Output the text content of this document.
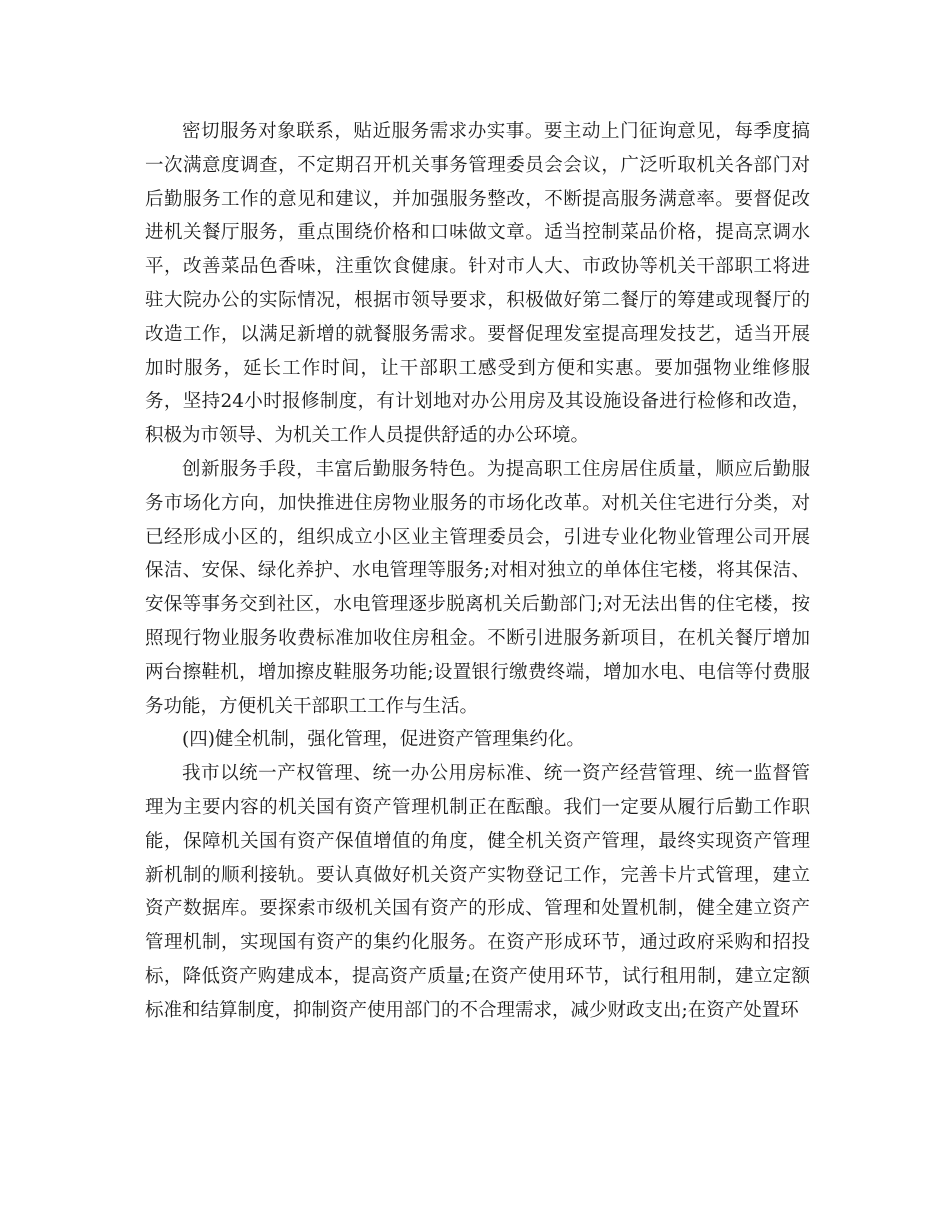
密切服务对象联系，贴近服务需求办实事。要主动上门征询意见，每季度搞一次满意度调查，不定期召开机关事务管理委员会会议，广泛听取机关各部门对后勤服务工作的意见和建议，并加强服务整改，不断提高服务满意率。要督促改进机关餐厅服务，重点围绕价格和口味做文章。适当控制菜品价格，提高烹调水平，改善菜品色香味，注重饮食健康。针对市人大、市政协等机关干部职工将进驻大院办公的实际情况，根据市领导要求，积极做好第二餐厅的筹建或现餐厅的改造工作，以满足新增的就餐服务需求。要督促理发室提高理发技艺，适当开展加时服务，延长工作时间，让干部职工感受到方便和实惠。要加强物业维修服务，坚持24小时报修制度，有计划地对办公用房及其设施设备进行检修和改造，积极为市领导、为机关工作人员提供舒适的办公环境。

创新服务手段，丰富后勤服务特色。为提高职工住房居住质量，顺应后勤服务市场化方向，加快推进住房物业服务的市场化改革。对机关住宅进行分类，对已经形成小区的，组织成立小区业主管理委员会，引进专业化物业管理公司开展保洁、安保、绿化养护、水电管理等服务;对相对独立的单体住宅楼，将其保洁、安保等事务交到社区，水电管理逐步脱离机关后勤部门;对无法出售的住宅楼，按照现行物业服务收费标准加收住房租金。不断引进服务新项目，在机关餐厅增加两台擦鞋机，增加擦皮鞋服务功能;设置银行缴费终端，增加水电、电信等付费服务功能，方便机关干部职工工作与生活。

(四)健全机制，强化管理，促进资产管理集约化。

我市以统一产权管理、统一办公用房标准、统一资产经营管理、统一监督管理为主要内容的机关国有资产管理机制正在酝酿。我们一定要从履行后勤工作职能，保障机关国有资产保值增值的角度，健全机关资产管理，最终实现资产管理新机制的顺利接轨。要认真做好机关资产实物登记工作，完善卡片式管理，建立资产数据库。要探索市级机关国有资产的形成、管理和处置机制，健全建立资产管理机制，实现国有资产的集约化服务。在资产形成环节，通过政府采购和招投标，降低资产购建成本，提高资产质量;在资产使用环节，试行租用制，建立定额标准和结算制度，抑制资产使用部门的不合理需求，减少财政支出;在资产处置环
